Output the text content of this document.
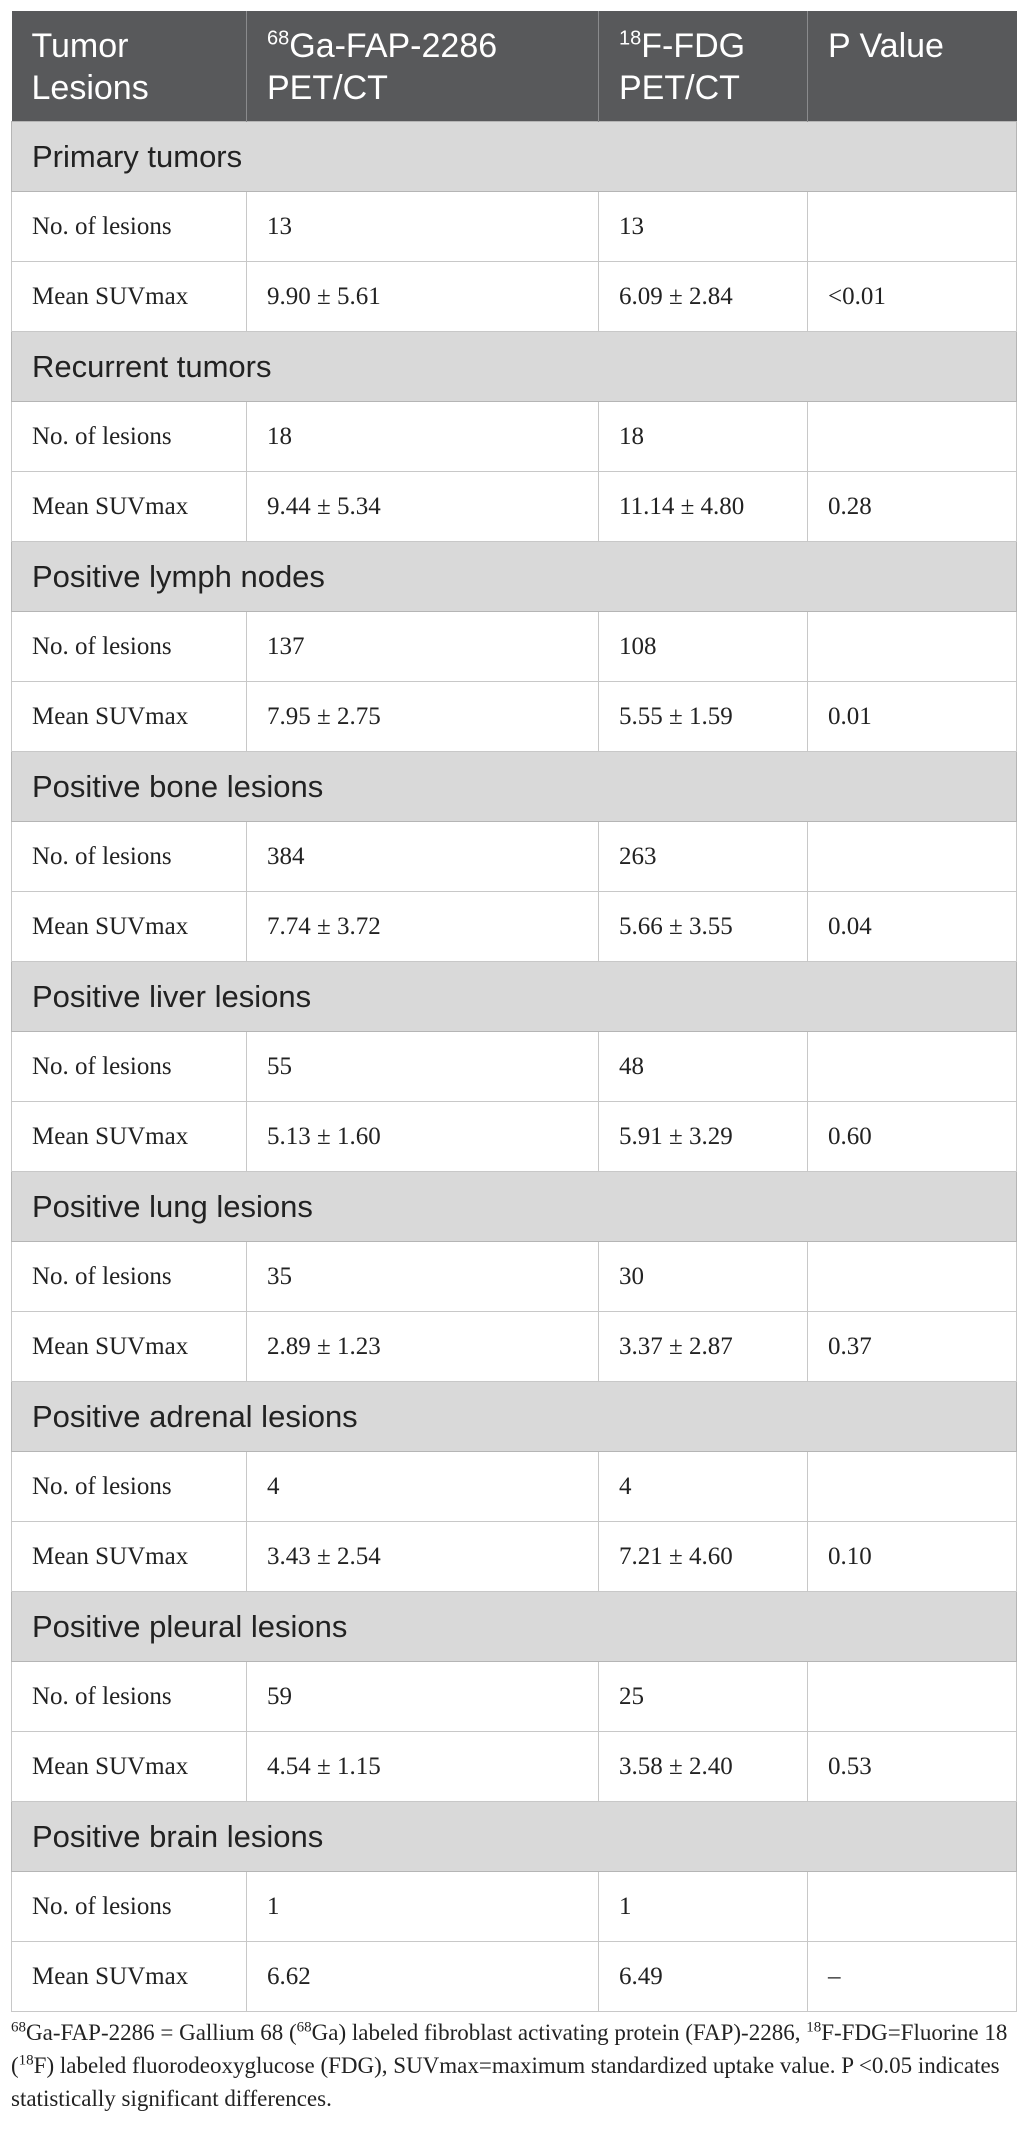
Tumor Lesions	$^{68}$Ga-FAP-2286 PET/CT	$^{18}$F-FDG PET/CT	P Value
Primary tumors			
No. of lesions	13	13	
Mean SUVmax	9.90 ± 5.61	6.09 ± 2.84	<0.01
Recurrent tumors			
No. of lesions	18	18	
Mean SUVmax	9.44 ± 5.34	11.14 ± 4.80	0.28
Positive lymph nodes			
No. of lesions	137	108	
Mean SUVmax	7.95 ± 2.75	5.55 ± 1.59	0.01
Positive bone lesions			
No. of lesions	384	263	
Mean SUVmax	7.74 ± 3.72	5.66 ± 3.55	0.04
Positive liver lesions			
No. of lesions	55	48	
Mean SUVmax	5.13 ± 1.60	5.91 ± 3.29	0.60
Positive lung lesions			
No. of lesions	35	30	
Mean SUVmax	2.89 ± 1.23	3.37 ± 2.87	0.37
Positive adrenal lesions			
No. of lesions	4	4	
Mean SUVmax	3.43 ± 2.54	7.21 ± 4.60	0.10
Positive pleural lesions			
No. of lesions	59	25	
Mean SUVmax	4.54 ± 1.15	3.58 ± 2.40	0.53
Positive brain lesions			
No. of lesions	1	1	
Mean SUVmax	6.62	6.49	–
$^{68}$Ga-FAP-2286 = Gallium 68 ($^{68}$Ga) labeled fibroblast activating protein (FAP)-2286, $^{18}$F-FDG=Fluorine 18 ($^{18}$F) labeled fluorodeoxyglucose (FDG), SUVmax=maximum standardized uptake value. P <0.05 indicates statistically significant differences.
